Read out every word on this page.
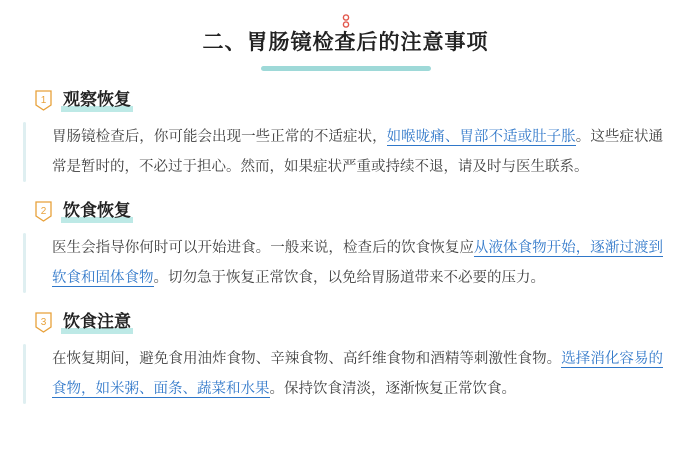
二、胃肠镜检查后的注意事项
1 观察恢复
胃肠镜检查后，你可能会出现一些正常的不适症状，如喉咙痛、胃部不适或肚子胀。这些症状通常是暂时的，不必过于担心。然而，如果症状严重或持续不退，请及时与医生联系。
2 饮食恢复
医生会指导你何时可以开始进食。一般来说，检查后的饮食恢复应从液体食物开始，逐渐过渡到软食和固体食物。切勿急于恢复正常饮食，以免给胃肠道带来不必要的压力。
3 饮食注意
在恢复期间，避免食用油炸食物、辛辣食物、高纤维食物和酒精等刺激性食物。选择消化容易的食物，如米粥、面条、蔬菜和水果。保持饮食清淡，逐渐恢复正常饮食。
